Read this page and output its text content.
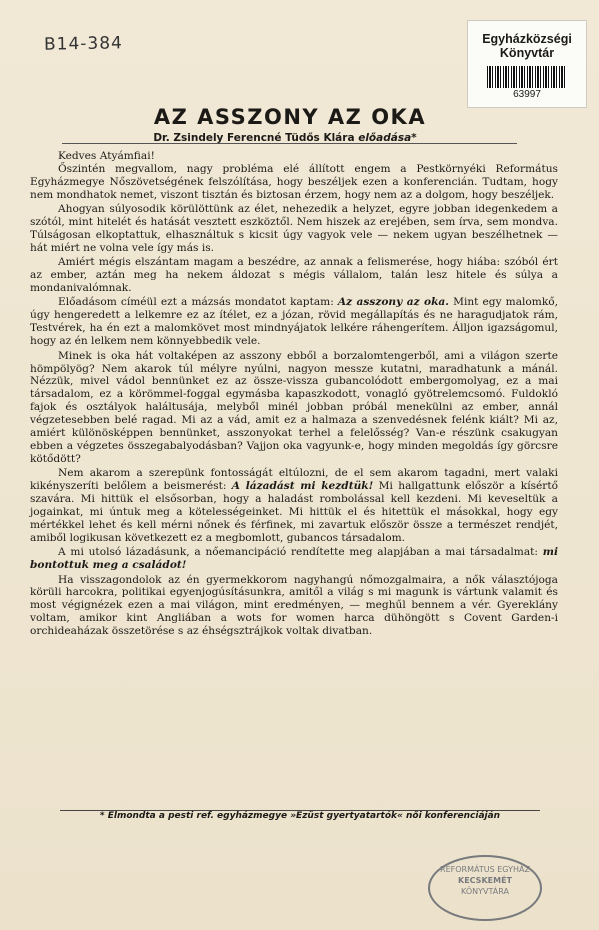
B14-384	Egyházközségi
Könyvtár
63997
AZ ASSZONY AZ OKA
Dr. Zsindely Ferencné Tüdős Klára előadása*

Kedves Atyámfiai!

Őszintén megvallom, nagy probléma elé állított engem a Pestkörnyéki Református Egyházmegye Nőszövetségének felszólítása, hogy beszéljek ezen a konferencián. Tudtam, hogy nem mondhatok nemet, viszont tisztán és biztosan érzem, hogy nem az a dolgom, hogy beszéljek.

Ahogyan súlyosodik körülöttünk az élet, nehezedik a helyzet, egyre jobban idegenkedem a szótól, mint hitelét és hatását vesztett eszköztől. Nem hiszek az erejében, sem írva, sem mondva. Túlságosan elkoptattuk, elhasználtuk s kicsit úgy vagyok vele — nekem ugyan beszélhetnek — hát miért ne volna vele így más is.

Amiért mégis elszántam magam a beszédre, az annak a felismerése, hogy hiába: szóból ért az ember, aztán meg ha nekem áldozat s mégis vállalom, talán lesz hitele és súlya a mondanivalómnak.

Előadásom címéül ezt a mázsás mondatot kaptam: Az asszony az oka. Mint egy malomkő, úgy hengeredett a lelkemre ez az ítélet, ez a józan, rövid megállapítás és ne haragudjatok rám, Testvérek, ha én ezt a malomkövet most mindnyájatok lelkére ráhengerítem. Álljon igazságomul, hogy az én lelkem nem könnyebbedik vele.

Minek is oka hát voltaképen az asszony ebből a borzalomtengerből, ami a világon szerte hömpölyög? Nem akarok túl mélyre nyúlni, nagyon messze kutatni, maradhatunk a mánál. Nézzük, mivel vádol bennünket ez az össze-vissza gubancolódott embergomolyag, ez a mai társadalom, ez a körömmel-foggal egymásba kapaszkodott, vonagló gyötrelemcsomó. Fuldokló fajok és osztályok haláltusája, melyből minél jobban próbál menekülni az ember, annál végzetesebben belé ragad. Mi az a vád, amit ez a halmaza a szenvedésnek felénk kiált? Mi az, amiért különösképpen bennünket, asszonyokat terhel a felelősség? Van-e részünk csakugyan ebben a végzetes összegabalyodásban? Vajjon oka vagyunk-e, hogy minden megoldás így görcsre kötődött?

Nem akarom a szerepünk fontosságát eltúlozni, de el sem akarom tagadni, mert valaki kikényszeríti belőlem a beismerést: A lázadást mi kezdtük! Mi hallgattunk először a kísértő szavára. Mi hittük el elsősorban, hogy a haladást rombolással kell kezdeni. Mi keveseltük a jogainkat, mi úntuk meg a kötelességeinket. Mi hittük el és hitettük el másokkal, hogy egy mértékkel lehet és kell mérni nőnek és férfinek, mi zavartuk először össze a természet rendjét, amiből logikusan következett ez a megbomlott, gubancos társadalom.

A mi utolsó lázadásunk, a nőemancipáció rendítette meg alapjában a mai társadalmat: mi bontottuk meg a családot!

Ha visszagondolok az én gyermekkorom nagyhangú nőmozgalmaira, a nők választójoga körüli harcokra, politikai egyenjogúsításunkra, amitől a világ s mi magunk is vártunk valamit és most végignézek ezen a mai világon, mint eredményen, — meghűl bennem a vér. Gyereklány voltam, amikor kint Angliában a wots for women harca dühöngött s Covent Garden-i orchideaházak összetörése s az éhségsztrájkok voltak divatban.

* Elmondta a pesti ref. egyházmegye »Ezüst gyertyatartók« női konferenciáján
REFORMÁTUS EGYHÁZ
KECSKEMÉT
KÖNYVTÁRA
